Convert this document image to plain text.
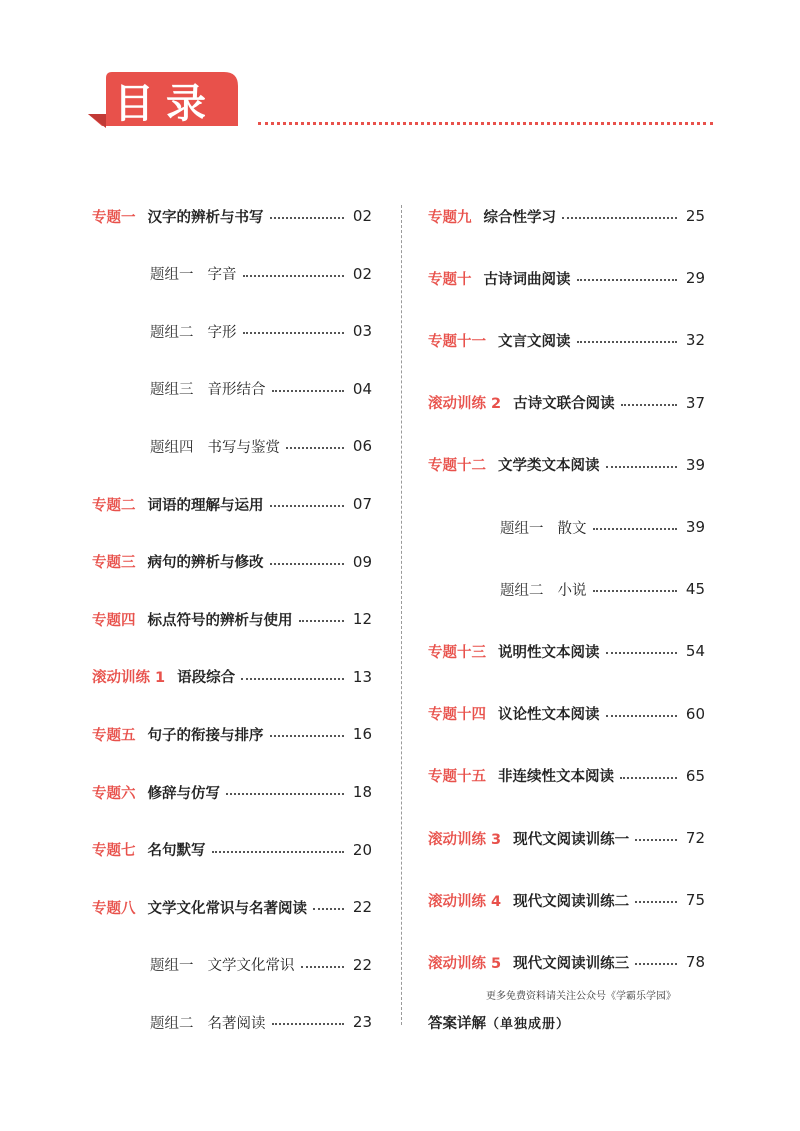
目录
专题一 汉字的辨析与书写	02
题组一 字音	02
题组二 字形	03
题组三 音形结合	04
题组四 书写与鉴赏	06
专题二 词语的理解与运用	07
专题三 病句的辨析与修改	09
专题四 标点符号的辨析与使用	12
滚动训练 1 语段综合	13
专题五 句子的衔接与排序	16
专题六 修辞与仿写	18
专题七 名句默写	20
专题八 文学文化常识与名著阅读	22
题组一 文学文化常识	22
题组二 名著阅读	23
专题九 综合性学习	25
专题十 古诗词曲阅读	29
专题十一 文言文阅读	32
滚动训练 2 古诗文联合阅读	37
专题十二 文学类文本阅读	39
题组一 散文	39
题组二 小说	45
专题十三 说明性文本阅读	54
专题十四 议论性文本阅读	60
专题十五 非连续性文本阅读	65
滚动训练 3 现代文阅读训练一	72
滚动训练 4 现代文阅读训练二	75
滚动训练 5 现代文阅读训练三	78
更多免费资料请关注公众号《学霸乐学园》
答案详解（单独成册）
